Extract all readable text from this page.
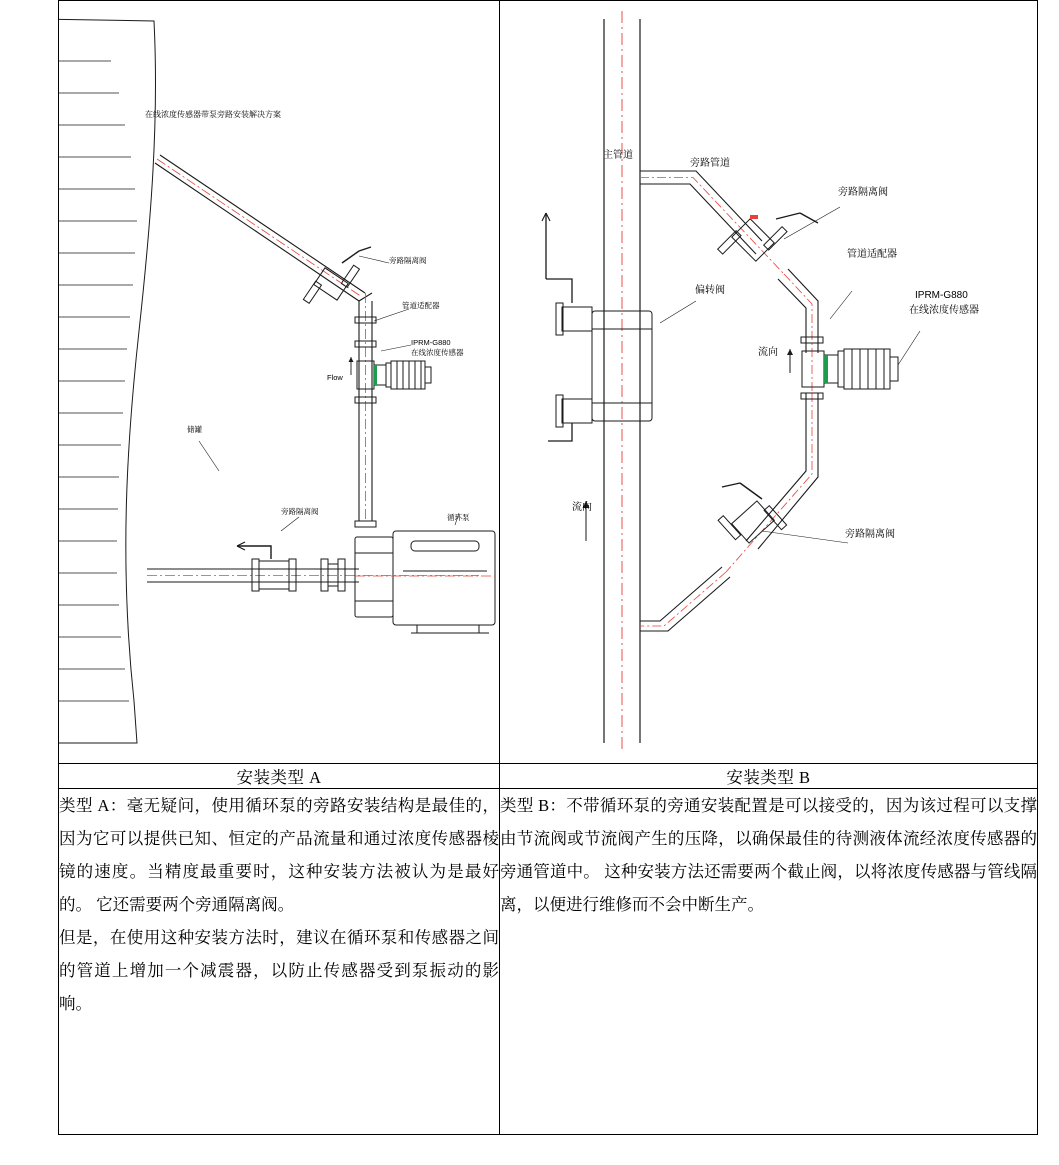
在线浓度传感器带泵旁路安装解决方案
旁路隔离阀
管道适配器
IPRM-G880
在线浓度传感器
Flow
储罐
旁路隔离阀
循环泵

主管道
旁路管道
旁路隔离阀
管道适配器
IPRM-G880
在线浓度传感器
偏转阀
流向
流向
旁路隔离阀

安装类型 A	安装类型 B

类型 A：毫无疑问，使用循环泵的旁路安装结构是最佳的，因为它可以提供已知、恒定的产品流量和通过浓度传感器棱镜的速度。当精度最重要时，这种安装方法被认为是最好的。 它还需要两个旁通隔离阀。

但是，在使用这种安装方法时，建议在循环泵和传感器之间的管道上增加一个减震器，以防止传感器受到泵振动的影响。	类型 B：不带循环泵的旁通安装配置是可以接受的，因为该过程可以支撑由节流阀或节流阀产生的压降，以确保最佳的待测液体流经浓度传感器的旁通管道中。 这种安装方法还需要两个截止阀，以将浓度传感器与管线隔离，以便进行维修而不会中断生产。
